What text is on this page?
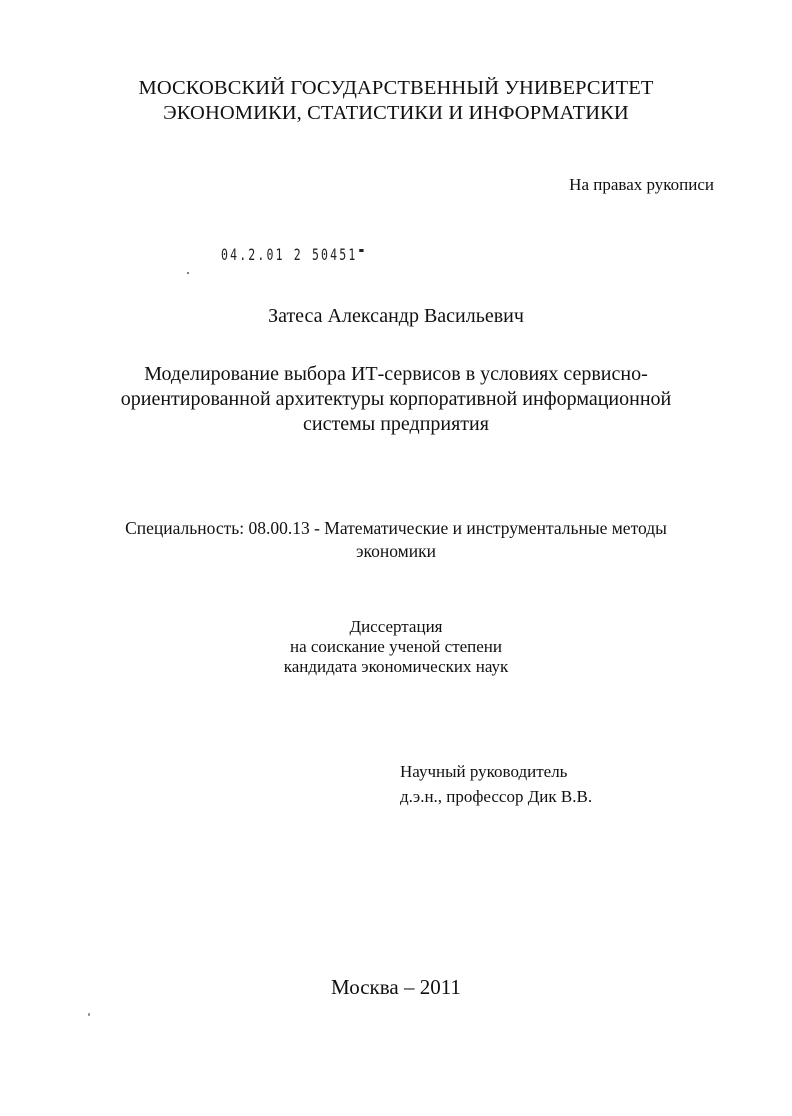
МОСКОВСКИЙ ГОСУДАРСТВЕННЫЙ УНИВЕРСИТЕТ
ЭКОНОМИКИ, СТАТИСТИКИ И ИНФОРМАТИКИ
На правах рукописи
04.2.01 2 50451
Затеса Александр Васильевич
Моделирование выбора ИТ-сервисов в условиях сервисно-
ориентированной архитектуры корпоративной информационной
системы предприятия
Специальность: 08.00.13 - Математические и инструментальные методы
экономики
Диссертация
на соискание ученой степени
кандидата экономических наук
Научный руководитель
д.э.н., профессор Дик В.В.
Москва – 2011
